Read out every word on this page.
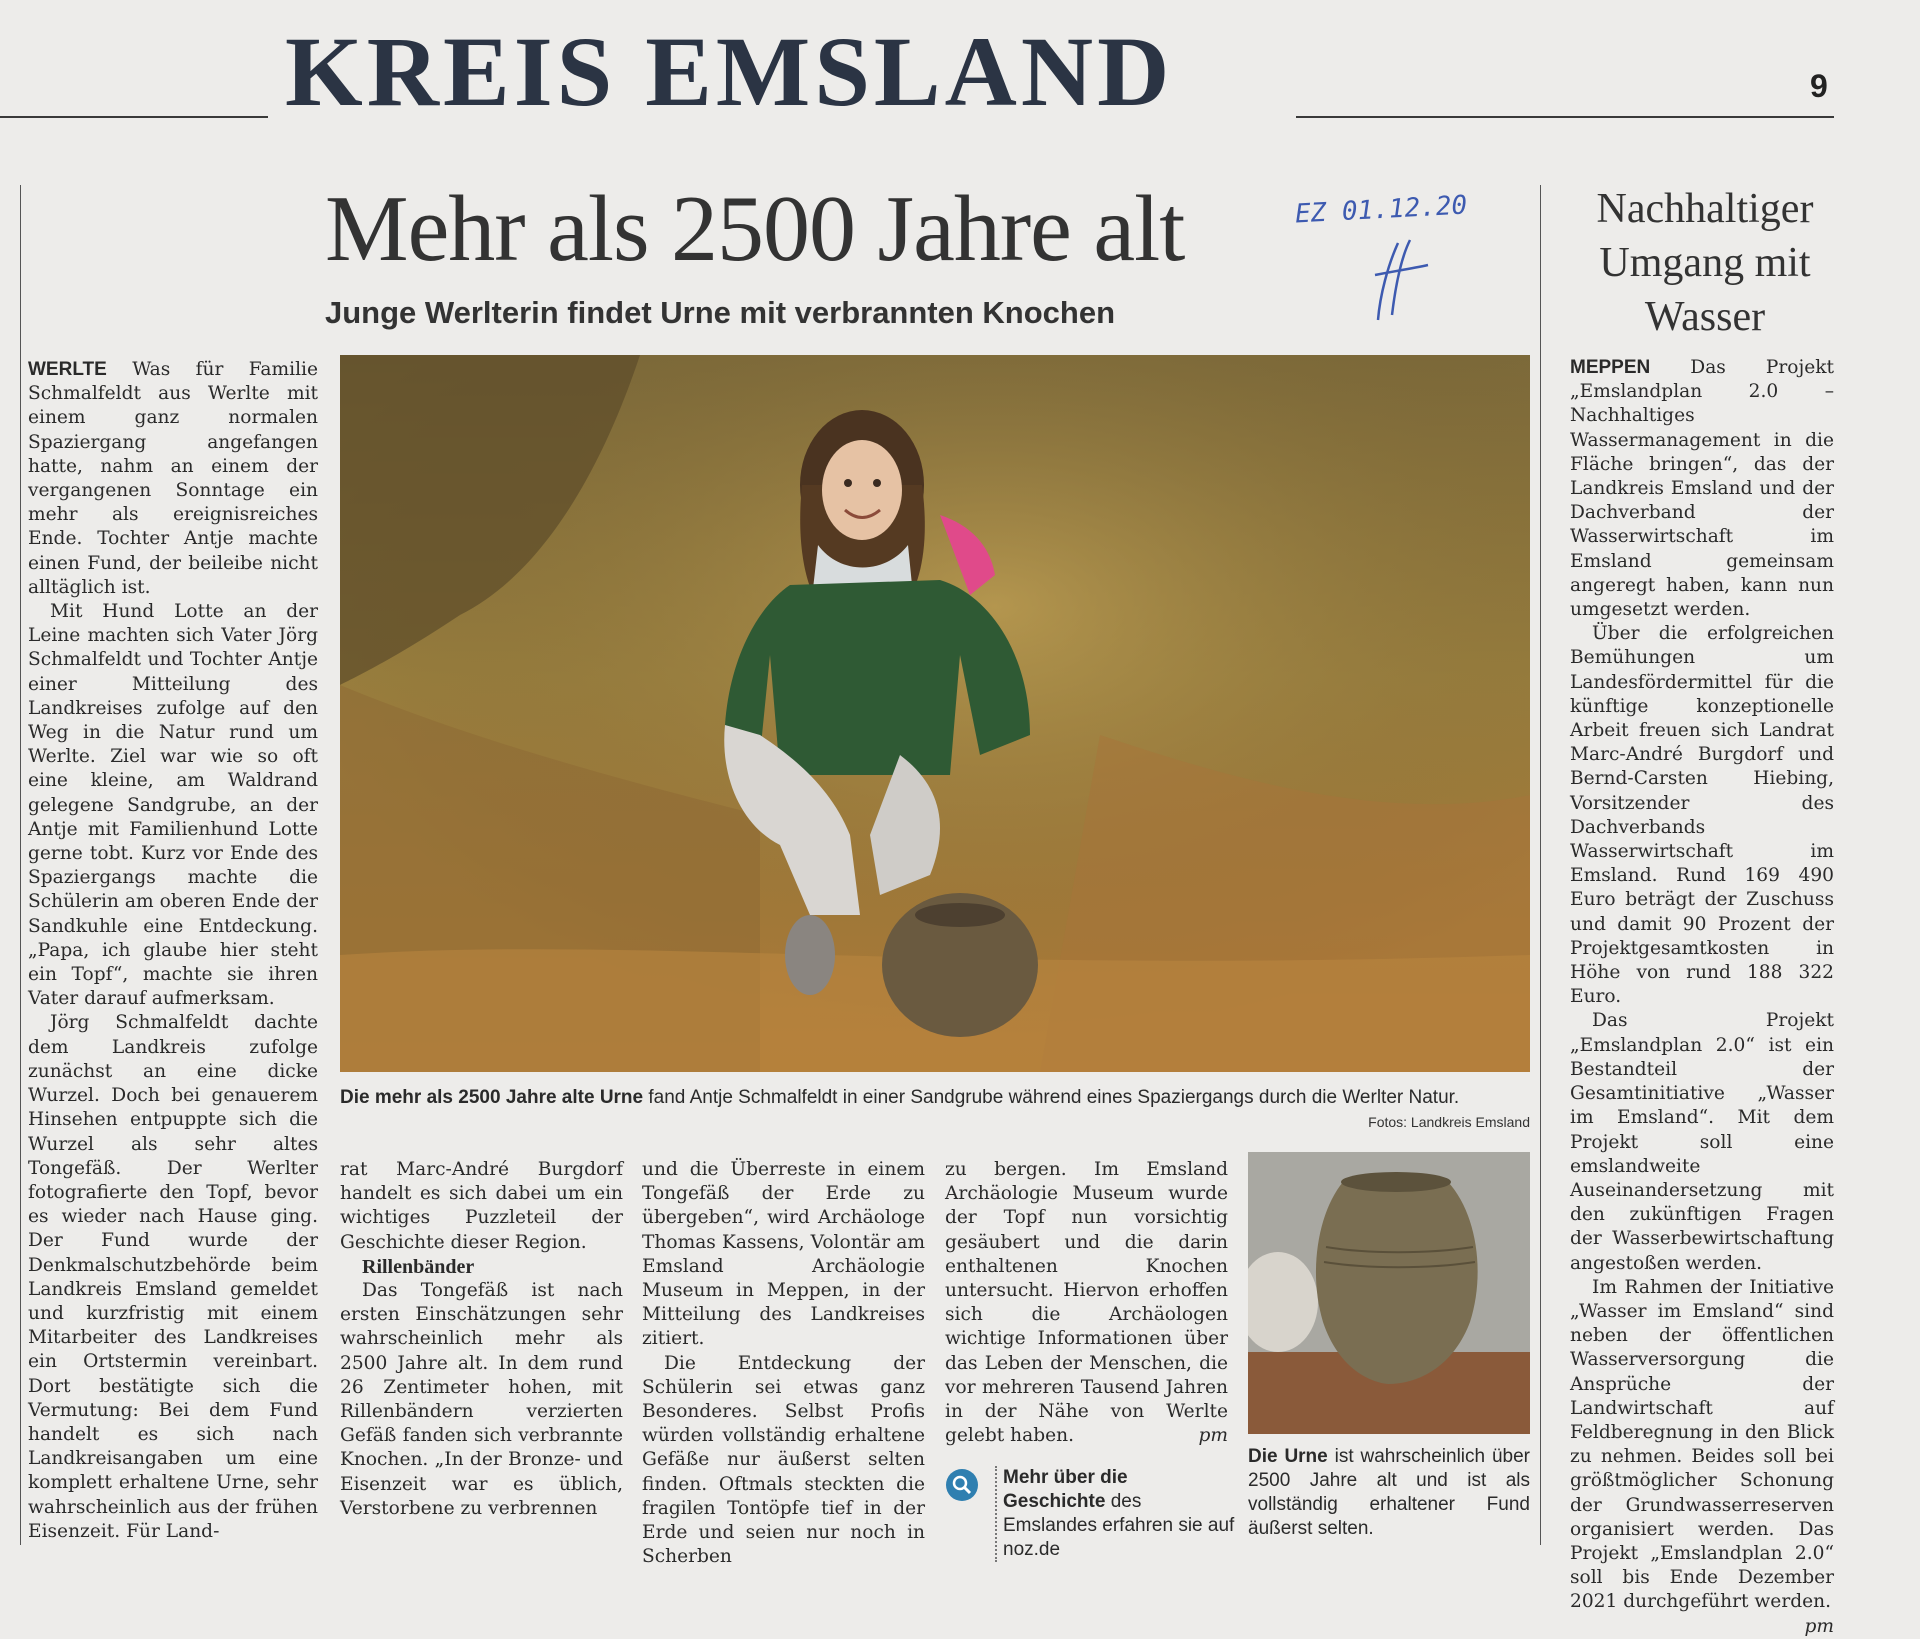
KREIS EMSLAND	9
Mehr als 2500 Jahre alt
Junge Werlterin findet Urne mit verbrannten Knochen
EZ 01.12.20	Nachhaltiger Umgang mit Wasser
Die mehr als 2500 Jahre alte Urne fand Antje Schmalfeldt in einer Sandgrube während eines Spaziergangs durch die Werlter Natur.
Fotos: Landkreis Emsland

WERLTE Was für Familie Schmalfeldt aus Werlte mit einem ganz normalen Spaziergang angefangen hatte, nahm an einem der vergangenen Sonntage ein mehr als ereignisreiches Ende. Tochter Antje machte einen Fund, der beileibe nicht alltäglich ist.

Mit Hund Lotte an der Leine machten sich Vater Jörg Schmalfeldt und Tochter Antje einer Mitteilung des Landkreises zufolge auf den Weg in die Natur rund um Werlte. Ziel war wie so oft eine kleine, am Waldrand gelegene Sandgrube, an der Antje mit Familienhund Lotte gerne tobt. Kurz vor Ende des Spaziergangs machte die Schülerin am oberen Ende der Sandkuhle eine Entdeckung. „Papa, ich glaube hier steht ein Topf“, machte sie ihren Vater darauf aufmerksam.

Jörg Schmalfeldt dachte dem Landkreis zufolge zunächst an eine dicke Wurzel. Doch bei genauerem Hinsehen entpuppte sich die Wurzel als sehr altes Tongefäß. Der Werlter fotografierte den Topf, bevor es wieder nach Hause ging. Der Fund wurde der Denkmalschutzbehörde beim Landkreis Emsland gemeldet und kurzfristig mit einem Mitarbeiter des Landkreises ein Ortstermin vereinbart. Dort bestätigte sich die Vermutung: Bei dem Fund handelt es sich nach Landkreisangaben um eine komplett erhaltene Urne, sehr wahrscheinlich aus der frühen Eisenzeit. Für Land-

rat Marc-André Burgdorf handelt es sich dabei um ein wichtiges Puzzleteil der Geschichte dieser Region.

Rillenbänder

Das Tongefäß ist nach ersten Einschätzungen sehr wahrscheinlich mehr als 2500 Jahre alt. In dem rund 26 Zentimeter hohen, mit Rillenbändern verzierten Gefäß fanden sich verbrannte Knochen. „In der Bronze- und Eisenzeit war es üblich, Verstorbene zu verbrennen

und die Überreste in einem Tongefäß der Erde zu übergeben“, wird Archäologe Thomas Kassens, Volontär am Emsland Archäologie Museum in Meppen, in der Mitteilung des Landkreises zitiert.

Die Entdeckung der Schülerin sei etwas ganz Besonderes. Selbst Profis würden vollständig erhaltene Gefäße nur äußerst selten finden. Oftmals steckten die fragilen Tontöpfe tief in der Erde und seien nur noch in Scherben

zu bergen. Im Emsland Archäologie Museum wurde der Topf nun vorsichtig gesäubert und die darin enthaltenen Knochen untersucht. Hiervon erhoffen sich die Archäologen wichtige Informationen über das Leben der Menschen, die vor mehreren Tausend Jahren in der Nähe von Werlte gelebt haben.	pm

Mehr über die Geschichte des Emslandes erfahren sie auf noz.de
Die Urne ist wahrscheinlich über 2500 Jahre alt und ist als vollständig erhaltener Fund äußerst selten.

MEPPEN Das Projekt „Emslandplan 2.0 – Nachhaltiges Wassermanagement in die Fläche bringen“, das der Landkreis Emsland und der Dachverband der Wasserwirtschaft im Emsland gemeinsam angeregt haben, kann nun umgesetzt werden.

Über die erfolgreichen Bemühungen um Landesfördermittel für die künftige konzeptionelle Arbeit freuen sich Landrat Marc-André Burgdorf und Bernd-Carsten Hiebing, Vorsitzender des Dachverbands Wasserwirtschaft im Emsland. Rund 169 490 Euro beträgt der Zuschuss und damit 90 Prozent der Projektgesamtkosten in Höhe von rund 188 322 Euro.

Das Projekt „Emslandplan 2.0“ ist ein Bestandteil der Gesamtinitiative „Wasser im Emsland“. Mit dem Projekt soll eine emslandweite Auseinandersetzung mit den zukünftigen Fragen der Wasserbewirtschaftung angestoßen werden.

Im Rahmen der Initiative „Wasser im Emsland“ sind neben der öffentlichen Wasserversorgung die Ansprüche der Landwirtschaft auf Feldberegnung in den Blick zu nehmen. Beides soll bei größtmöglicher Schonung der Grundwasserreserven organisiert werden. Das Projekt „Emslandplan 2.0“ soll bis Ende Dezember 2021 durchgeführt werden.
pm
